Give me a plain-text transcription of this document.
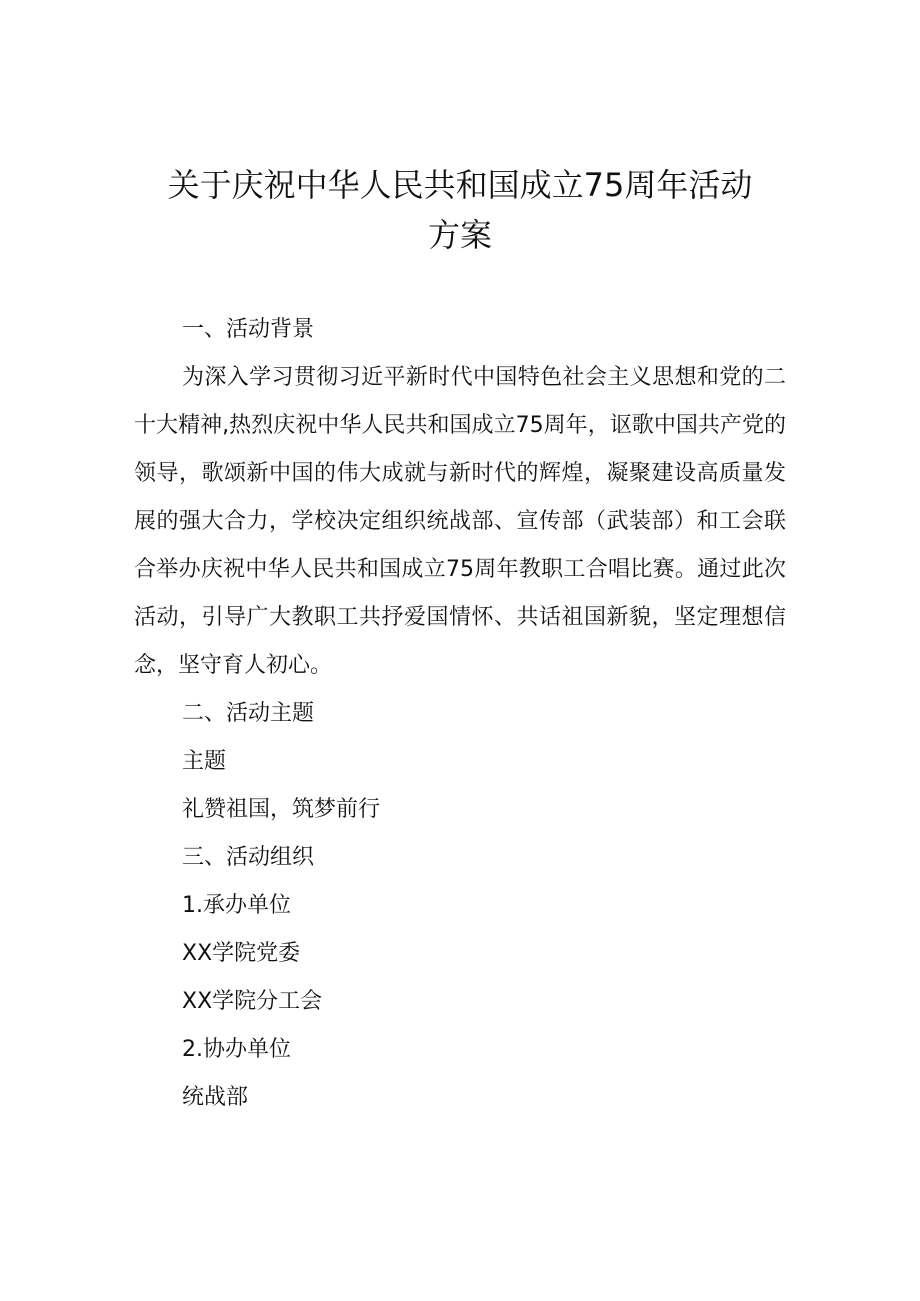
关于庆祝中华人民共和国成立75周年活动
方案

一、活动背景

为深入学习贯彻习近平新时代中国特色社会主义思想和党的二十大精神,热烈庆祝中华人民共和国成立75周年，讴歌中国共产党的领导，歌颂新中国的伟大成就与新时代的辉煌，凝聚建设高质量发展的强大合力，学校决定组织统战部、宣传部（武装部）和工会联合举办庆祝中华人民共和国成立75周年教职工合唱比赛。通过此次活动，引导广大教职工共抒爱国情怀、共话祖国新貌，坚定理想信念，坚守育人初心。

二、活动主题

主题

礼赞祖国，筑梦前行

三、活动组织

1.承办单位

XX学院党委

XX学院分工会

2.协办单位

统战部
